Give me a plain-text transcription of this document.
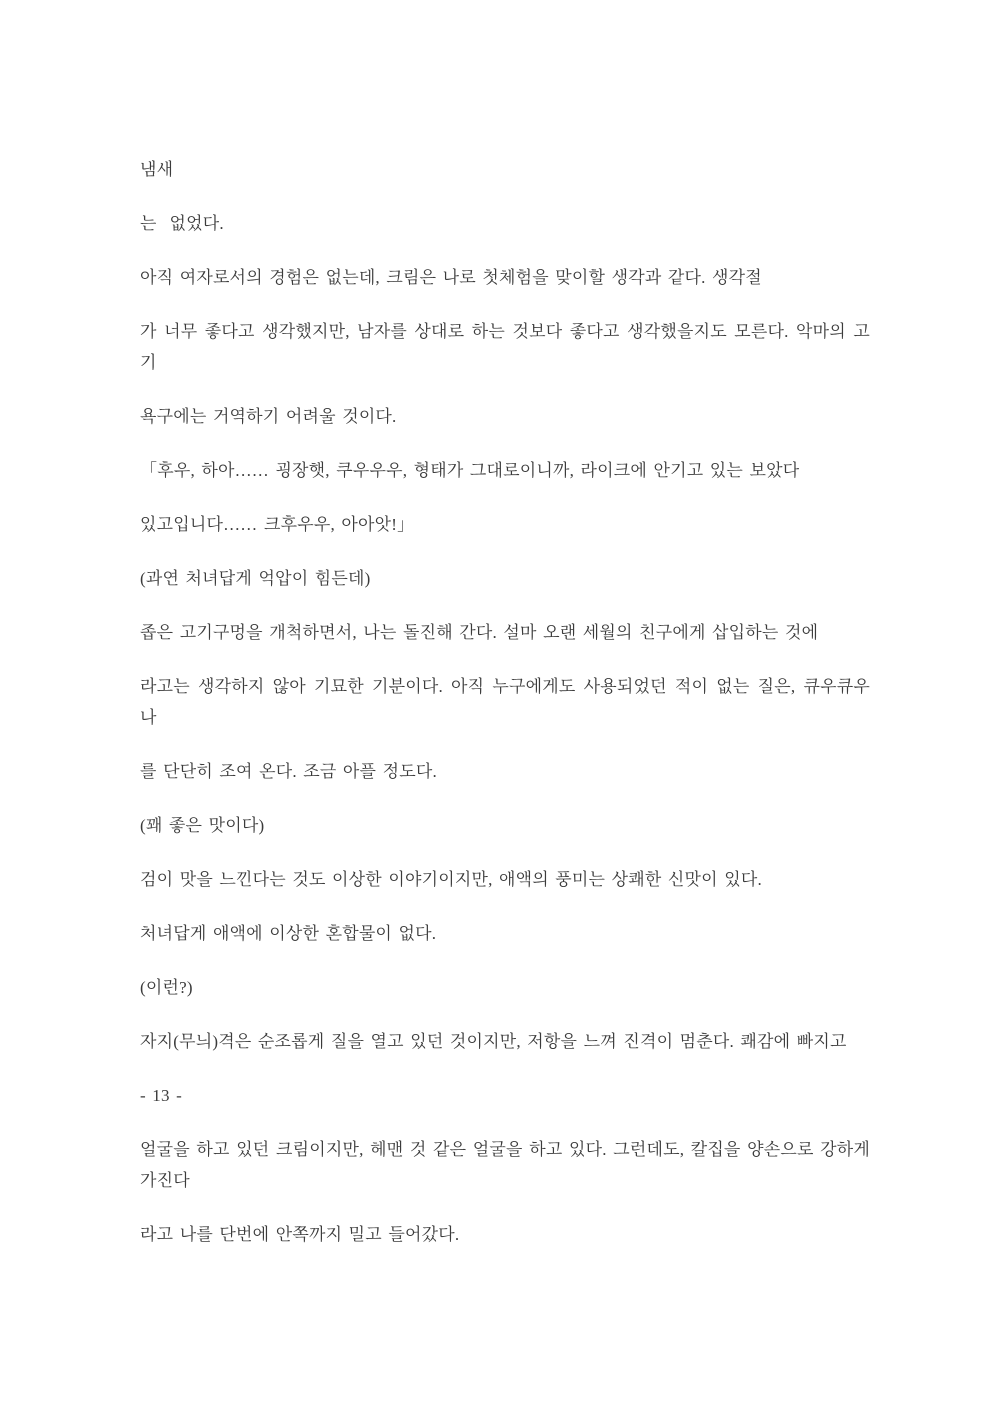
냄새

는  없었다.

아직 여자로서의 경험은 없는데, 크림은 나로 첫체험을 맞이할 생각과 같다. 생각절

가 너무 좋다고 생각했지만, 남자를 상대로 하는 것보다 좋다고 생각했을지도 모른다. 악마의 고기

욕구에는 거역하기 어려울 것이다.

「후우, 하아…… 굉장햇, 쿠우우우, 형태가 그대로이니까, 라이크에 안기고 있는 보았다

있고입니다…… 크후우우, 아아앗!」

(과연 처녀답게 억압이 힘든데)

좁은 고기구멍을 개척하면서, 나는 돌진해 간다. 설마 오랜 세월의 친구에게 삽입하는 것에

라고는 생각하지 않아 기묘한 기분이다. 아직 누구에게도 사용되었던 적이 없는 질은, 큐우큐우 나

를 단단히 조여 온다. 조금 아플 정도다.

(꽤 좋은 맛이다)

검이 맛을 느낀다는 것도 이상한 이야기이지만, 애액의 풍미는 상쾌한 신맛이 있다.

처녀답게 애액에 이상한 혼합물이 없다.

(이런?)

자지(무늬)격은 순조롭게 질을 열고 있던 것이지만, 저항을 느껴 진격이 멈춘다. 쾌감에 빠지고

- 13 -

얼굴을 하고 있던 크림이지만, 헤맨 것 같은 얼굴을 하고 있다. 그런데도, 칼집을 양손으로 강하게 가진다

라고 나를 단번에 안쪽까지 밀고 들어갔다.
